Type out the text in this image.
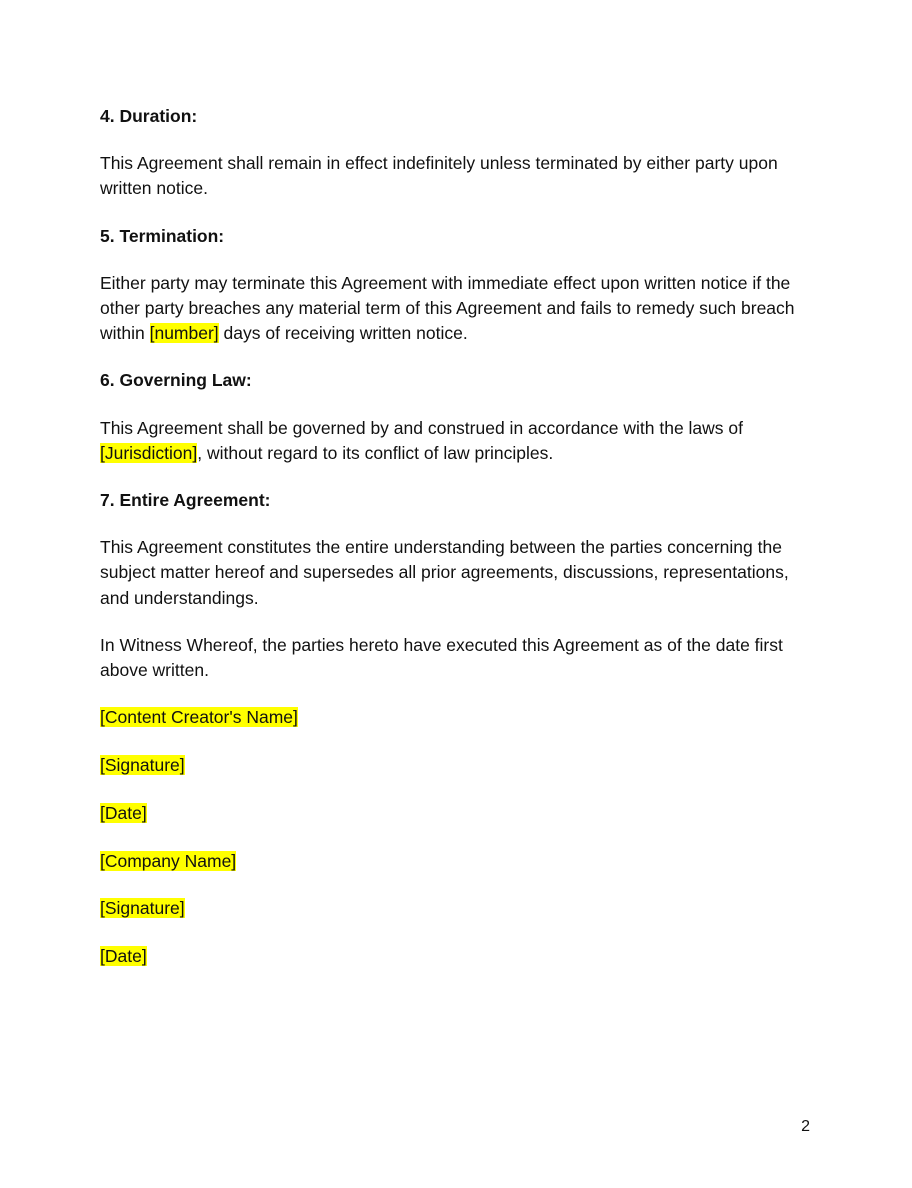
4. Duration:
This Agreement shall remain in effect indefinitely unless terminated by either party upon written notice.
5. Termination:
Either party may terminate this Agreement with immediate effect upon written notice if the other party breaches any material term of this Agreement and fails to remedy such breach within [number] days of receiving written notice.
6. Governing Law:
This Agreement shall be governed by and construed in accordance with the laws of [Jurisdiction], without regard to its conflict of law principles.
7. Entire Agreement:
This Agreement constitutes the entire understanding between the parties concerning the subject matter hereof and supersedes all prior agreements, discussions, representations, and understandings.
In Witness Whereof, the parties hereto have executed this Agreement as of the date first above written.
[Content Creator's Name]
[Signature]
[Date]
[Company Name]
[Signature]
[Date]
2
